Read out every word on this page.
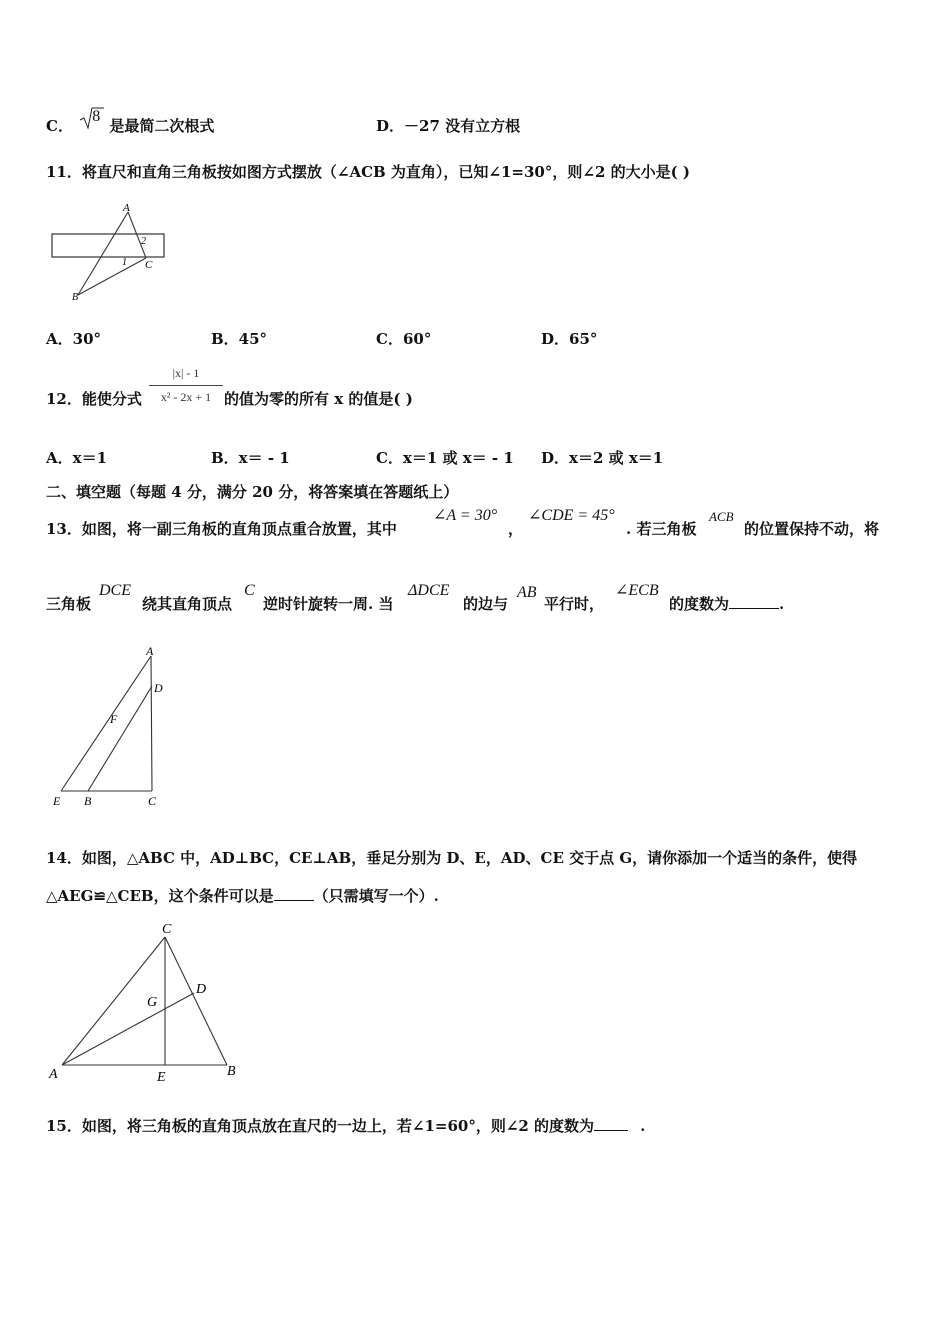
C．
8
是最简二次根式	D．－27 没有立方根
11．将直尺和直角三角板按如图方式摆放（∠ACB 为直角），已知∠1=30°，则∠2 的大小是( )
A
B
C
1
2
A．30°	B．45°	C．60°	D．65°
12．能使分式
|x| - 1
x² - 2x + 1 的值为零的所有 x 的值是( )
A．x＝1	B．x＝ - 1	C．x＝1 或 x＝ - 1 D．x＝2 或 x＝1
二、填空题（每题 4 分，满分 20 分，将答案填在答题纸上）
13．如图，将一副三角板的直角顶点重合放置，其中
∠A = 30°
，
∠CDE = 45°
. 若三角板
ACB
的位置保持不动，将
三角板
DCE
绕其直角顶点
C
逆时针旋转一周. 当
ΔDCE
的边与
AB
平行时，
∠ECB
的度数为	.
A
D
F
E B	C
14．如图，△ABC 中，AD⊥BC，CE⊥AB，垂足分别为 D、E，AD、CE 交于点 G，请你添加一个适当的条件，使得
△AEG≌△CEB，这个条件可以是	（只需填写一个）.
C
D
G
A	E	B
15．如图，将三角板的直角顶点放在直尺的一边上，若∠1=60°，则∠2 的度数为	.
